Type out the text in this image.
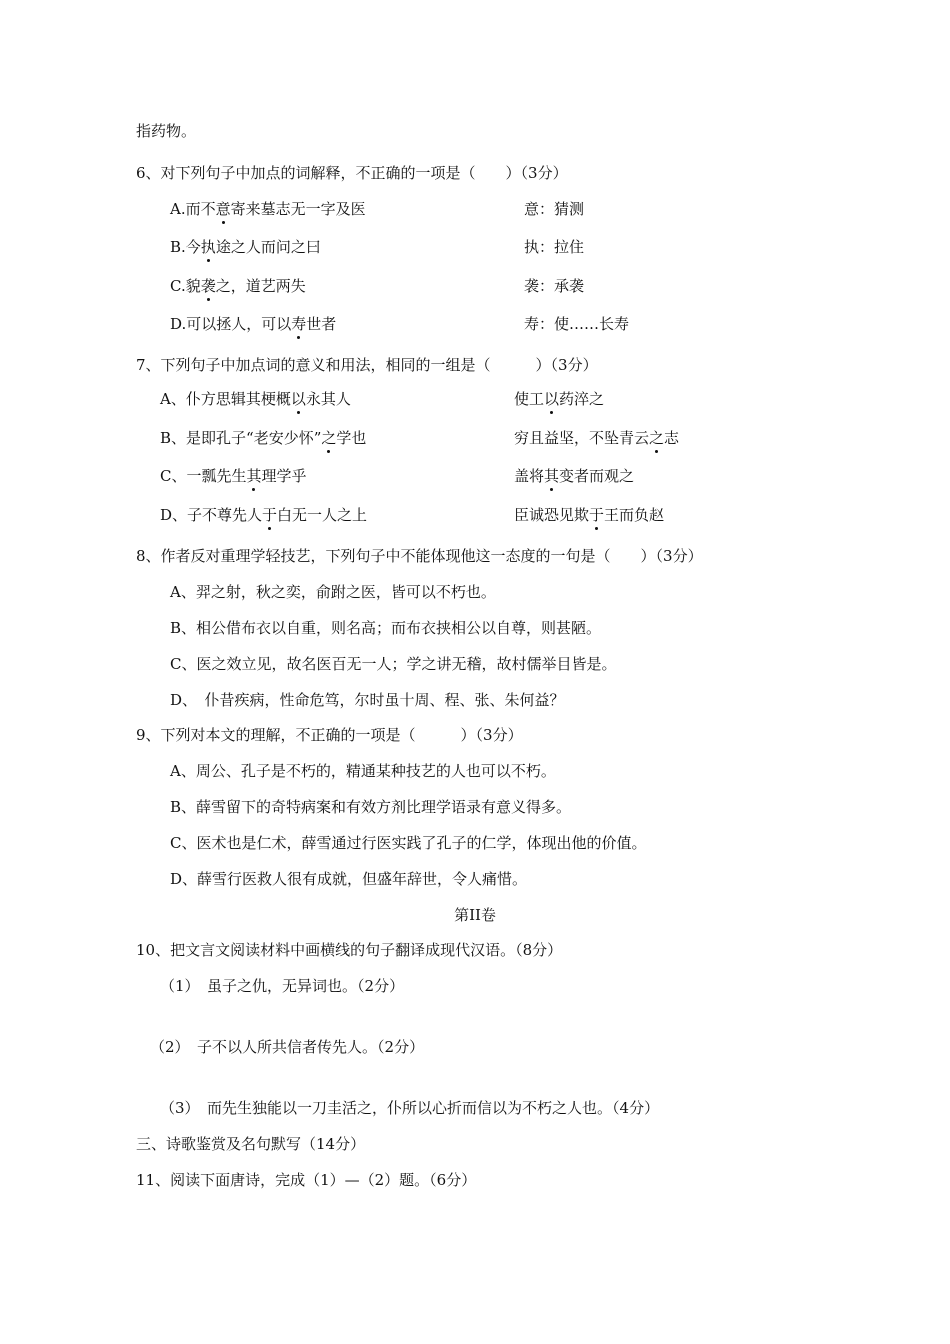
指药物。
6、对下列句子中加点的词解释，不正确的一项是（　　）（3分）
A.而不意寄来墓志无一字及医	意：猜测
B.今执途之人而问之曰	执：拉住
C.貌袭之，道艺两失	袭：承袭
D.可以拯人，可以寿世者	寿：使……长寿
7、下列句子中加点词的意义和用法，相同的一组是（　　　）（3分）
A、仆方思辑其梗概以永其人	使工以药淬之
B、是即孔子“老安少怀”之学也	穷且益坚，不坠青云之志
C、一瓢先生其理学乎	盖将其变者而观之
D、子不尊先人于白无一人之上	臣诚恐见欺于王而负赵
8、作者反对重理学轻技艺，下列句子中不能体现他这一态度的一句是（　　）（3分）
A、羿之射，秋之奕，俞跗之医，皆可以不朽也。
B、相公借布衣以自重，则名高；而布衣挟相公以自尊，则甚陋。
C、医之效立见，故名医百无一人；学之讲无稽，故村儒举目皆是。
D、　仆昔疾病，性命危笃，尔时虽十周、程、张、朱何益？
9、下列对本文的理解，不正确的一项是（　　　）（3分）
A、周公、孔子是不朽的，精通某种技艺的人也可以不朽。
B、薛雪留下的奇特病案和有效方剂比理学语录有意义得多。
C、医术也是仁术，薛雪通过行医实践了孔子的仁学，体现出他的价值。
D、薛雪行医救人很有成就，但盛年辞世，令人痛惜。
第II卷
10、把文言文阅读材料中画横线的句子翻译成现代汉语。（8分）
（1）　虽子之仇，无异词也。（2分）
（2）　子不以人所共信者传先人。（2分）
（3）　而先生独能以一刀圭活之，仆所以心折而信以为不朽之人也。（4分）
三、诗歌鉴赏及名句默写（14分）
11、阅读下面唐诗，完成（1）—（2）题。（6分）
